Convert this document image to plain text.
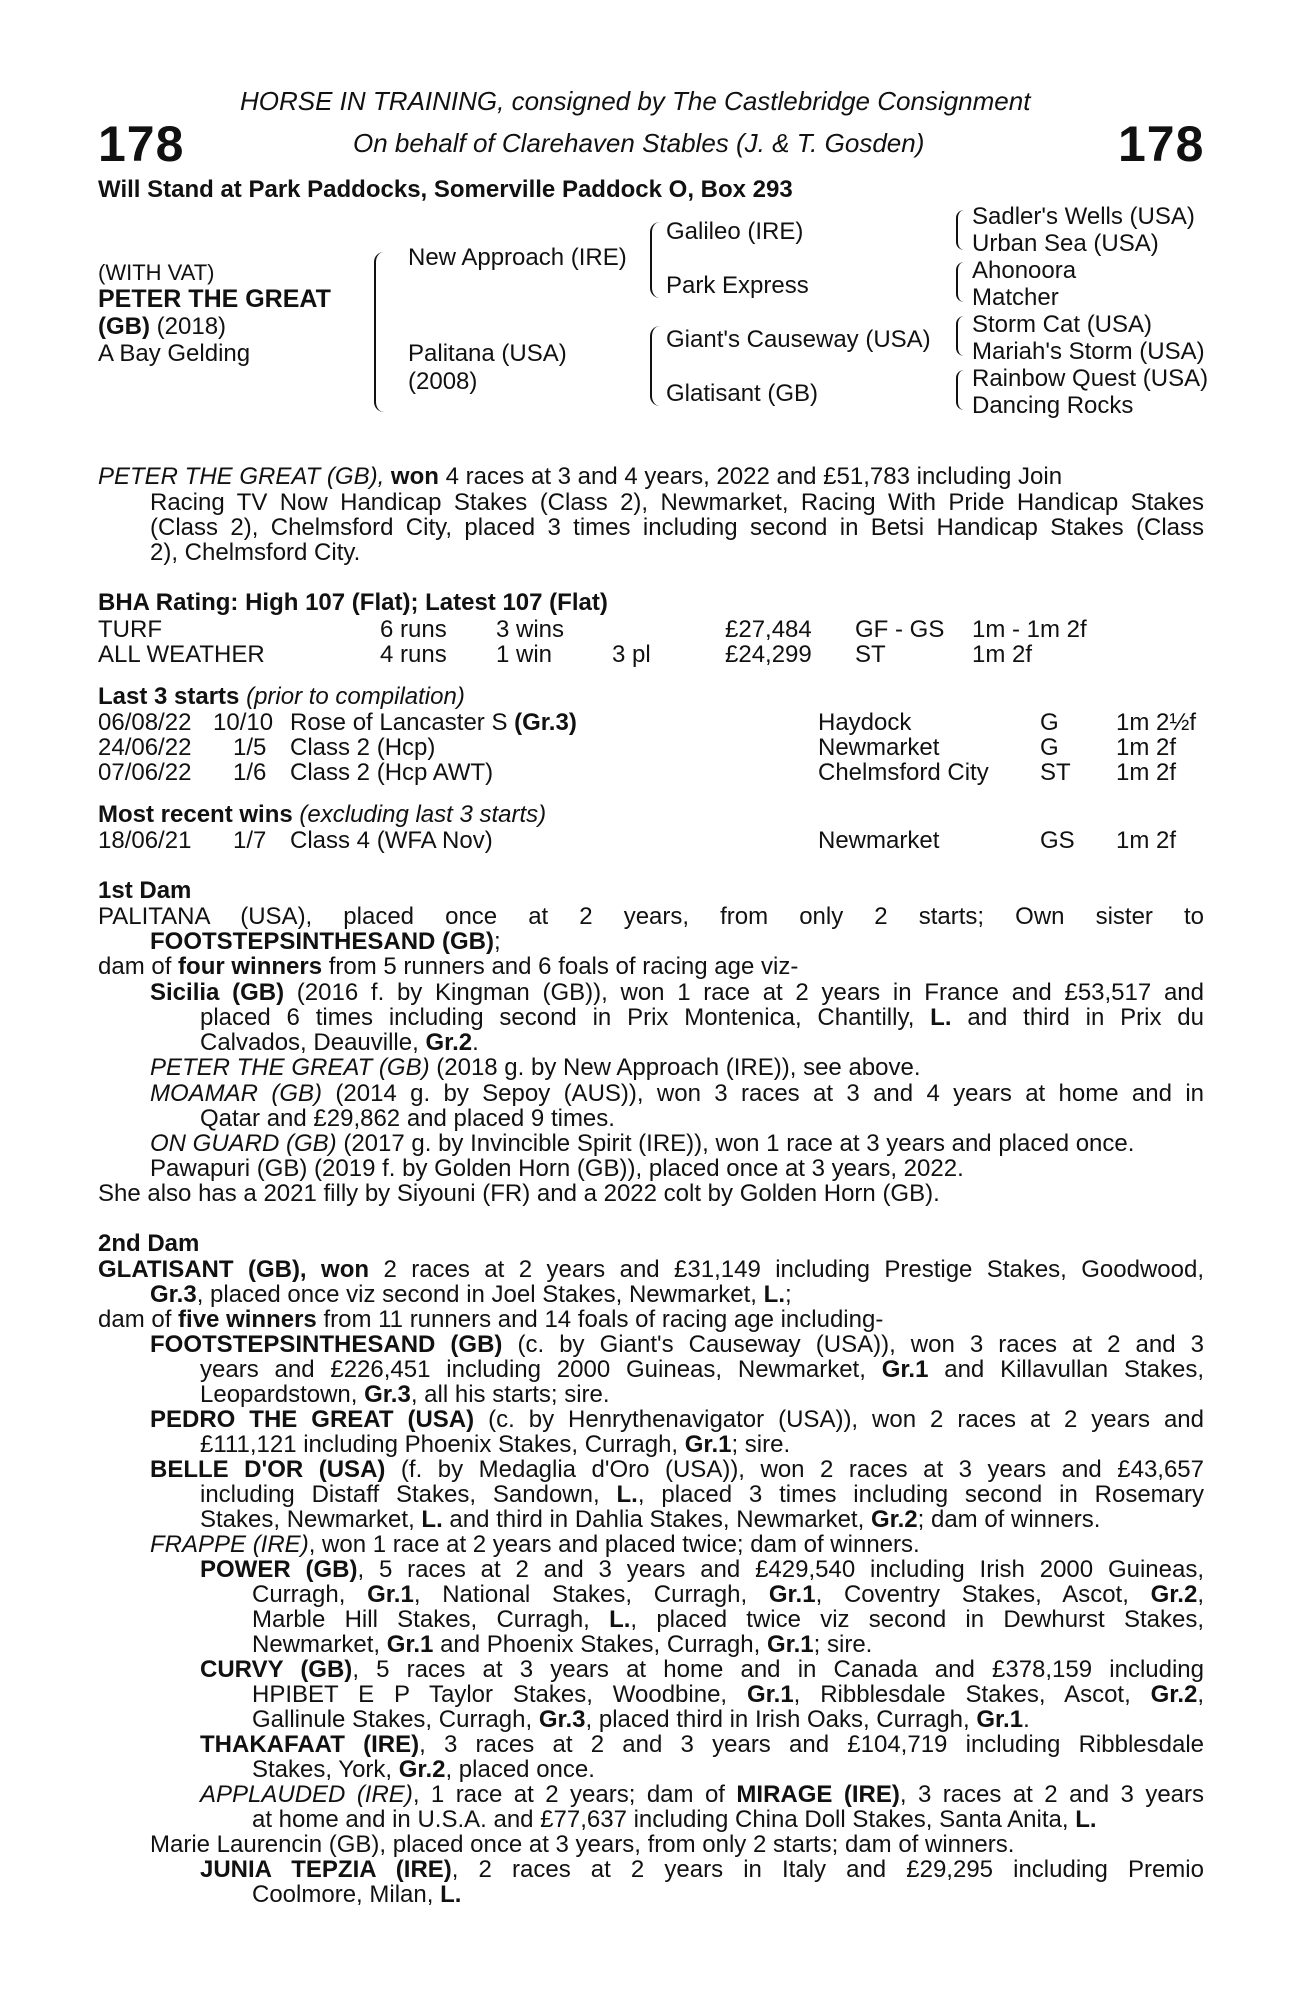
178	178
HORSE IN TRAINING, consigned by The Castlebridge Consignment
On behalf of Clarehaven Stables (J. & T. Gosden)
Will Stand at Park Paddocks, Somerville Paddock O, Box 293
(WITH VAT)
PETER THE GREAT
(GB) (2018)
A Bay Gelding
New Approach (IRE)
Palitana (USA)
(2008)
Galileo (IRE)
Park Express
Giant's Causeway (USA)
Glatisant (GB)
Sadler's Wells (USA)
Urban Sea (USA)
Ahonoora
Matcher
Storm Cat (USA)
Mariah's Storm (USA)
Rainbow Quest (USA)
Dancing Rocks
PETER THE GREAT (GB), won 4 races at 3 and 4 years, 2022 and £51,783 including Join
Racing TV Now Handicap Stakes (Class 2), Newmarket, Racing With Pride Handicap Stakes
(Class 2), Chelmsford City, placed 3 times including second in Betsi Handicap Stakes (Class
2), Chelmsford City.
BHA Rating: High 107 (Flat); Latest 107 (Flat)
TURF	6 runs 3 wins	£27,484 GF - GS 1m - 1m 2f
ALL WEATHER	4 runs 1 win 3 pl	£24,299 ST	1m 2f
Last 3 starts (prior to compilation)
06/08/22 10/10 Rose of Lancaster S (Gr.3)	Haydock	G 1m 2½f
24/06/22 1/5 Class 2 (Hcp)	Newmarket	G 1m 2f
07/06/22 1/6 Class 2 (Hcp AWT)	Chelmsford City ST 1m 2f
Most recent wins (excluding last 3 starts)
18/06/21 1/7 Class 4 (WFA Nov)	Newmarket	GS 1m 2f
1st Dam
PALITANA (USA), placed once at 2 years, from only 2 starts; Own sister to
FOOTSTEPSINTHESAND (GB);
dam of four winners from 5 runners and 6 foals of racing age viz-
Sicilia (GB) (2016 f. by Kingman (GB)), won 1 race at 2 years in France and £53,517 and
placed 6 times including second in Prix Montenica, Chantilly, L. and third in Prix du
Calvados, Deauville, Gr.2.
PETER THE GREAT (GB) (2018 g. by New Approach (IRE)), see above.
MOAMAR (GB) (2014 g. by Sepoy (AUS)), won 3 races at 3 and 4 years at home and in
Qatar and £29,862 and placed 9 times.
ON GUARD (GB) (2017 g. by Invincible Spirit (IRE)), won 1 race at 3 years and placed once.
Pawapuri (GB) (2019 f. by Golden Horn (GB)), placed once at 3 years, 2022.
She also has a 2021 filly by Siyouni (FR) and a 2022 colt by Golden Horn (GB).
2nd Dam
GLATISANT (GB), won 2 races at 2 years and £31,149 including Prestige Stakes, Goodwood,
Gr.3, placed once viz second in Joel Stakes, Newmarket, L.;
dam of five winners from 11 runners and 14 foals of racing age including-
FOOTSTEPSINTHESAND (GB) (c. by Giant's Causeway (USA)), won 3 races at 2 and 3
years and £226,451 including 2000 Guineas, Newmarket, Gr.1 and Killavullan Stakes,
Leopardstown, Gr.3, all his starts; sire.
PEDRO THE GREAT (USA) (c. by Henrythenavigator (USA)), won 2 races at 2 years and
£111,121 including Phoenix Stakes, Curragh, Gr.1; sire.
BELLE D'OR (USA) (f. by Medaglia d'Oro (USA)), won 2 races at 3 years and £43,657
including Distaff Stakes, Sandown, L., placed 3 times including second in Rosemary
Stakes, Newmarket, L. and third in Dahlia Stakes, Newmarket, Gr.2; dam of winners.
FRAPPE (IRE), won 1 race at 2 years and placed twice; dam of winners.
POWER (GB), 5 races at 2 and 3 years and £429,540 including Irish 2000 Guineas,
Curragh, Gr.1, National Stakes, Curragh, Gr.1, Coventry Stakes, Ascot, Gr.2,
Marble Hill Stakes, Curragh, L., placed twice viz second in Dewhurst Stakes,
Newmarket, Gr.1 and Phoenix Stakes, Curragh, Gr.1; sire.
CURVY (GB), 5 races at 3 years at home and in Canada and £378,159 including
HPIBET E P Taylor Stakes, Woodbine, Gr.1, Ribblesdale Stakes, Ascot, Gr.2,
Gallinule Stakes, Curragh, Gr.3, placed third in Irish Oaks, Curragh, Gr.1.
THAKAFAAT (IRE), 3 races at 2 and 3 years and £104,719 including Ribblesdale
Stakes, York, Gr.2, placed once.
APPLAUDED (IRE), 1 race at 2 years; dam of MIRAGE (IRE), 3 races at 2 and 3 years
at home and in U.S.A. and £77,637 including China Doll Stakes, Santa Anita, L.
Marie Laurencin (GB), placed once at 3 years, from only 2 starts; dam of winners.
JUNIA TEPZIA (IRE), 2 races at 2 years in Italy and £29,295 including Premio
Coolmore, Milan, L.
